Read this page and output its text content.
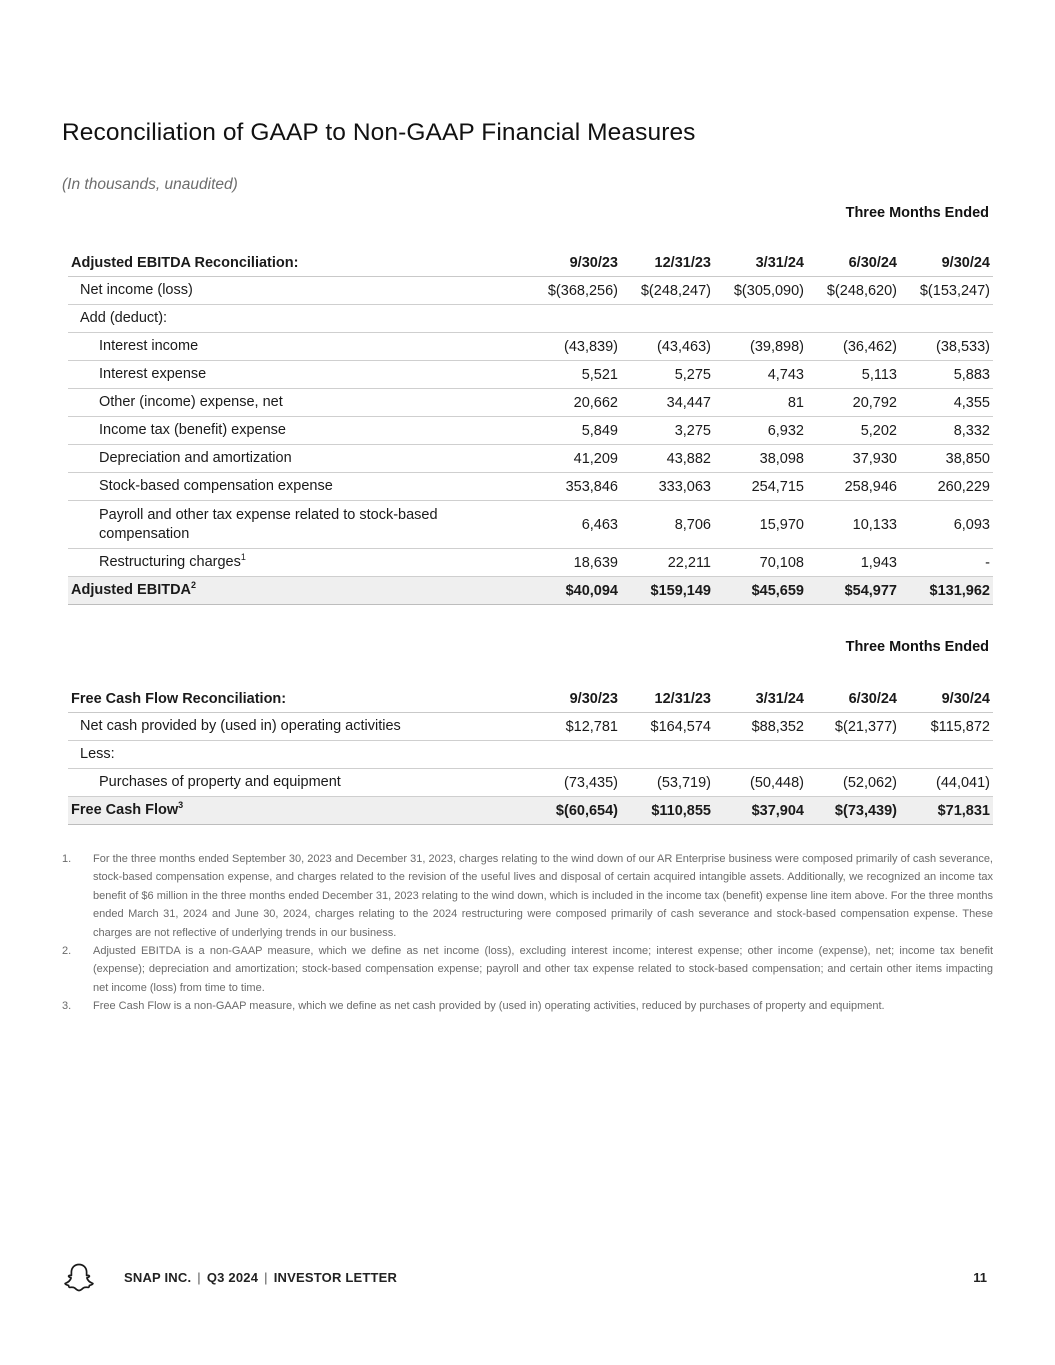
Reconciliation of GAAP to Non-GAAP Financial Measures
(In thousands, unaudited)
Three Months Ended
Adjusted EBITDA Reconciliation:	9/30/23	12/31/23	3/31/24	6/30/24	9/30/24
Net income (loss)	$(368,256)	$(248,247)	$(305,090)	$(248,620)	$(153,247)
Add (deduct):					
Interest income	(43,839)	(43,463)	(39,898)	(36,462)	(38,533)
Interest expense	5,521	5,275	4,743	5,113	5,883
Other (income) expense, net	20,662	34,447	81	20,792	4,355
Income tax (benefit) expense	5,849	3,275	6,932	5,202	8,332
Depreciation and amortization	41,209	43,882	38,098	37,930	38,850
Stock-based compensation expense	353,846	333,063	254,715	258,946	260,229
Payroll and other tax expense related to stock-based compensation	6,463	8,706	15,970	10,133	6,093
Restructuring charges$^1$	18,639	22,211	70,108	1,943	-
Adjusted EBITDA$^2$	$40,094	$159,149	$45,659	$54,977	$131,962
Three Months Ended
Free Cash Flow Reconciliation:	9/30/23	12/31/23	3/31/24	6/30/24	9/30/24
Net cash provided by (used in) operating activities	$12,781	$164,574	$88,352	$(21,377)	$115,872
Less:					
Purchases of property and equipment	(73,435)	(53,719)	(50,448)	(52,062)	(44,041)
Free Cash Flow$^3$	$(60,654)	$110,855	$37,904	$(73,439)	$71,831
1.	For the three months ended September 30, 2023 and December 31, 2023, charges relating to the wind down of our AR Enterprise business were composed primarily of cash severance, stock-based compensation expense, and charges related to the revision of the useful lives and disposal of certain acquired intangible assets. Additionally, we recognized an income tax benefit of $6 million in the three months ended December 31, 2023 relating to the wind down, which is included in the income tax (benefit) expense line item above. For the three months ended March 31, 2024 and June 30, 2024, charges relating to the 2024 restructuring were composed primarily of cash severance and stock-based compensation expense. These charges are not reflective of underlying trends in our business.
2.	Adjusted EBITDA is a non-GAAP measure, which we define as net income (loss), excluding interest income; interest expense; other income (expense), net; income tax benefit (expense); depreciation and amortization; stock-based compensation expense; payroll and other tax expense related to stock-based compensation; and certain other items impacting net income (loss) from time to time.
3.	Free Cash Flow is a non-GAAP measure, which we define as net cash provided by (used in) operating activities, reduced by purchases of property and equipment.
SNAP INC. | Q3 2024 | INVESTOR LETTER	11
